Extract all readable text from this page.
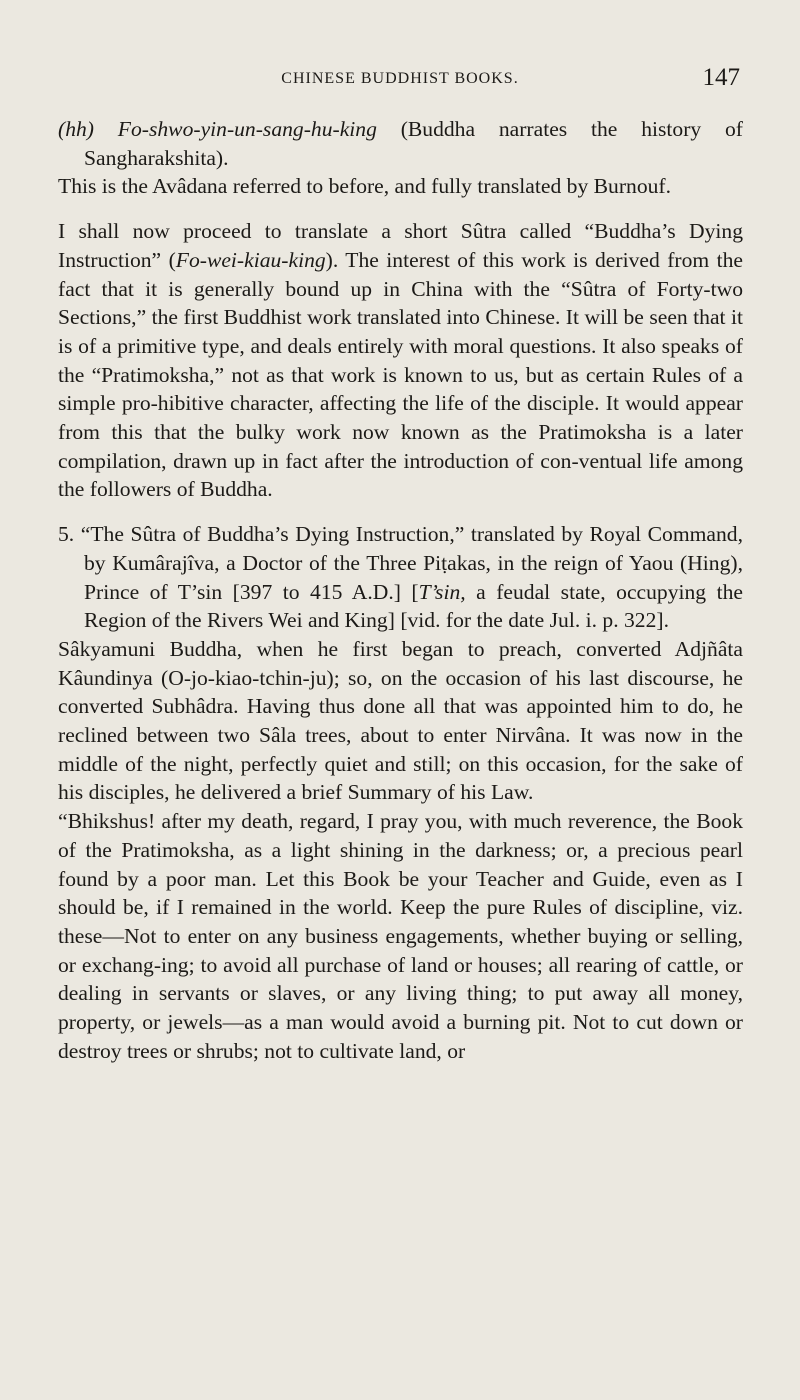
CHINESE BUDDHIST BOOKS.	147

(hh) Fo-shwo-yin-un-sang-hu-king (Buddha narrates the history of Sangharakshita).

This is the Avâdana referred to before, and fully translated by Burnouf.

I shall now proceed to translate a short Sûtra called “Buddha’s Dying Instruction” (Fo-wei-kiau-king). The interest of this work is derived from the fact that it is generally bound up in China with the “Sûtra of Forty-two Sections,” the first Buddhist work translated into Chinese. It will be seen that it is of a primitive type, and deals entirely with moral questions. It also speaks of the “Pratimoksha,” not as that work is known to us, but as certain Rules of a simple pro-hibitive character, affecting the life of the disciple. It would appear from this that the bulky work now known as the Pratimoksha is a later compilation, drawn up in fact after the introduction of con-ventual life among the followers of Buddha.

5. “The Sûtra of Buddha’s Dying Instruction,” translated by Royal Command, by Kumârajîva, a Doctor of the Three Piṭakas, in the reign of Yaou (Hing), Prince of T’sin [397 to 415 A.D.] [T’sin, a feudal state, occupying the Region of the Rivers Wei and King] [vid. for the date Jul. i. p. 322].

Sâkyamuni Buddha, when he first began to preach, converted Adjñâta Kâundinya (O-jo-kiao-tchin-ju); so, on the occasion of his last discourse, he converted Subhâdra. Having thus done all that was appointed him to do, he reclined between two Sâla trees, about to enter Nirvâna. It was now in the middle of the night, perfectly quiet and still; on this occasion, for the sake of his disciples, he delivered a brief Summary of his Law.

“Bhikshus! after my death, regard, I pray you, with much reverence, the Book of the Pratimoksha, as a light shining in the darkness; or, a precious pearl found by a poor man. Let this Book be your Teacher and Guide, even as I should be, if I remained in the world. Keep the pure Rules of discipline, viz. these—Not to enter on any business engagements, whether buying or selling, or exchang-ing; to avoid all purchase of land or houses; all rearing of cattle, or dealing in servants or slaves, or any living thing; to put away all money, property, or jewels—as a man would avoid a burning pit. Not to cut down or destroy trees or shrubs; not to cultivate land, or
